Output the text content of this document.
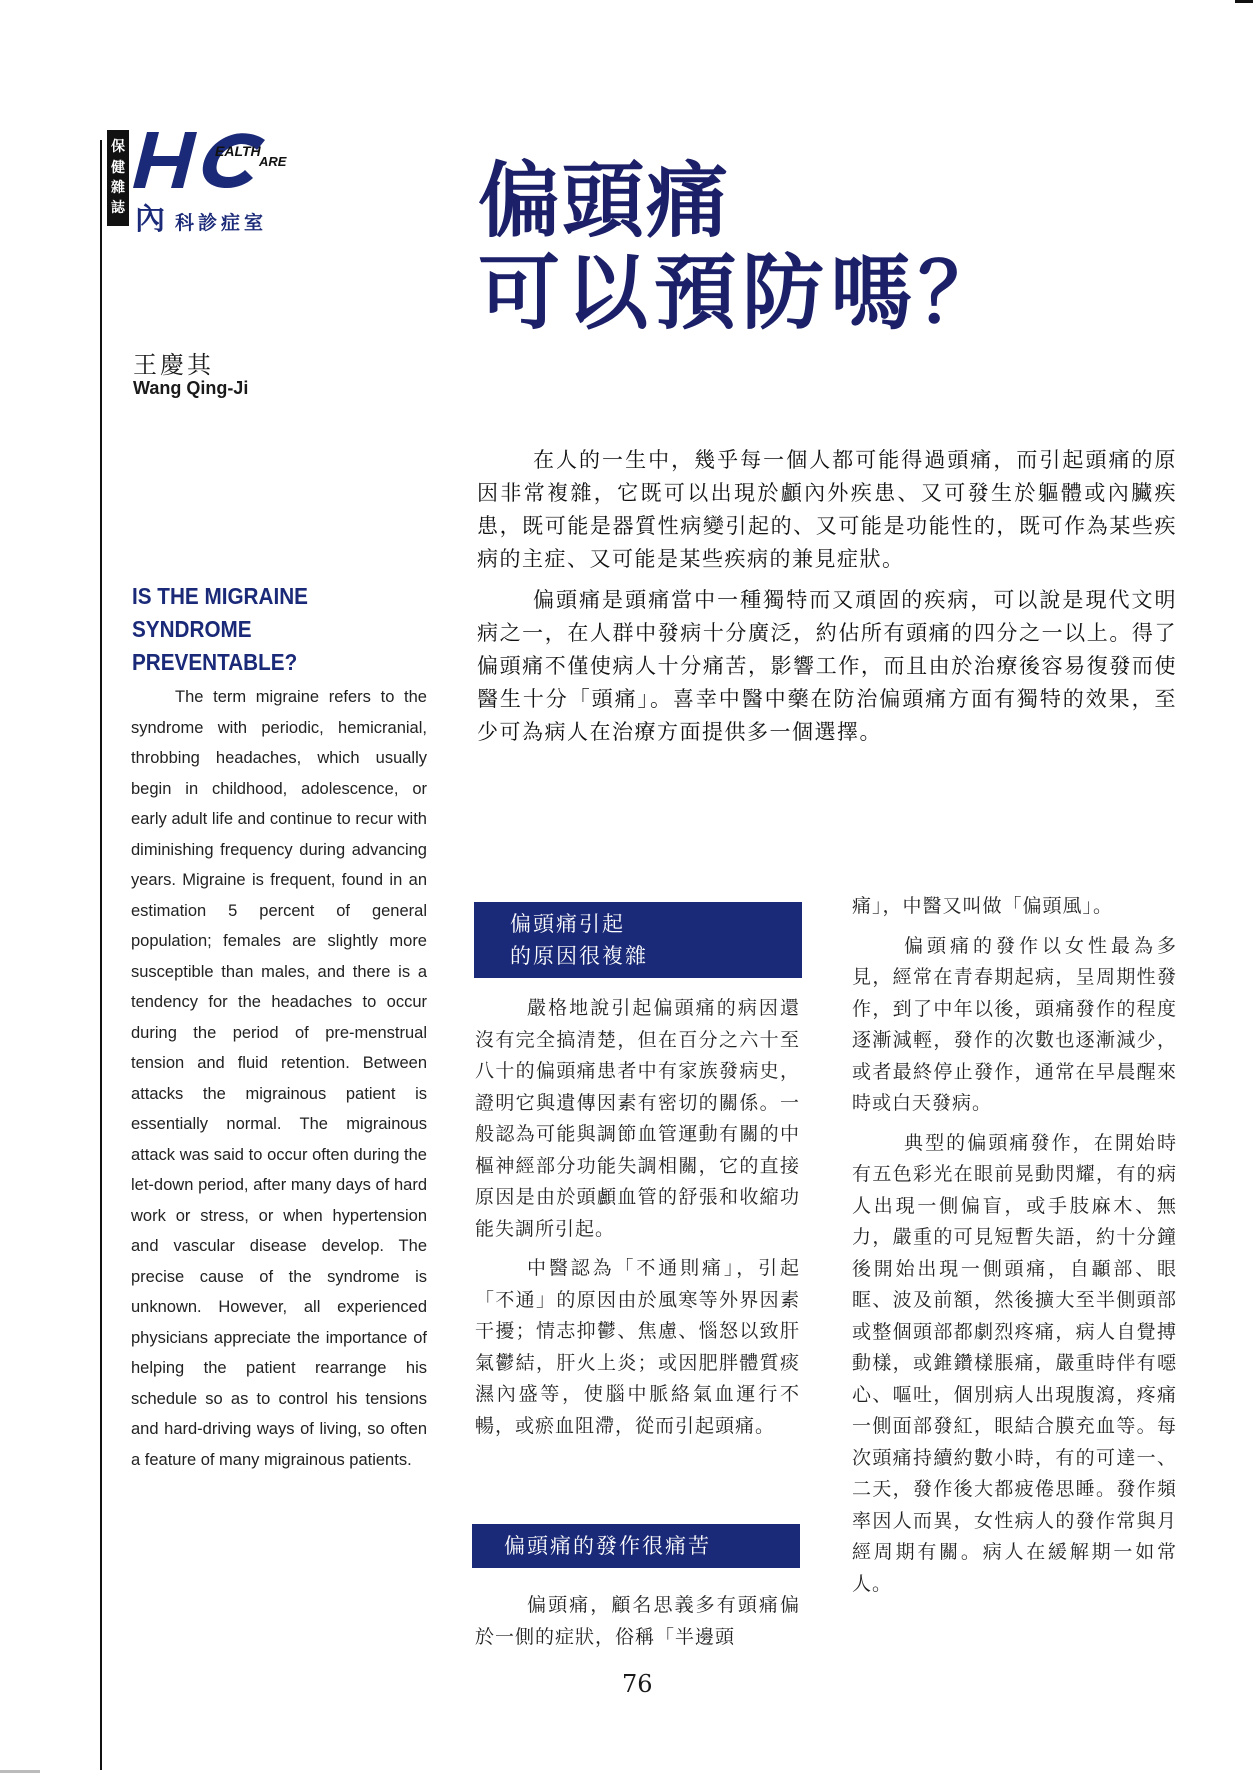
保健雜誌
EALTH
ARE
內 科診症室	偏頭痛
可以預防嗎？
王慶其
Wang Qing-Ji
IS THE MIGRAINE SYNDROME PREVENTABLE?

The term migraine refers to the syndrome with periodic, hemicranial, throbbing headaches, which usually begin in childhood, adolescence, or early adult life and continue to recur with diminishing frequency during advancing years. Migraine is frequent, found in an estimation 5 percent of general population; females are slightly more susceptible than males, and there is a tendency for the headaches to occur during the period of pre-menstrual tension and fluid retention. Between attacks the migrainous patient is essentially normal. The migrainous attack was said to occur often during the let-down period, after many days of hard work or stress, or when hypertension and vascular disease develop. The precise cause of the syndrome is unknown. However, all experienced physicians appreciate the importance of helping the patient rearrange his schedule so as to control his tensions and hard-driving ways of living, so often a feature of many migrainous patients.

在人的一生中，幾乎每一個人都可能得過頭痛，而引起頭痛的原因非常複雜，它既可以出現於顱內外疾患、又可發生於軀體或內臟疾患，既可能是器質性病變引起的、又可能是功能性的，既可作為某些疾病的主症、又可能是某些疾病的兼見症狀。

偏頭痛是頭痛當中一種獨特而又頑固的疾病，可以說是現代文明病之一，在人群中發病十分廣泛，約佔所有頭痛的四分之一以上。得了偏頭痛不僅使病人十分痛苦，影響工作，而且由於治療後容易復發而使醫生十分「頭痛」。喜幸中醫中藥在防治偏頭痛方面有獨特的效果，至少可為病人在治療方面提供多一個選擇。

偏頭痛引起
的原因很複雜

嚴格地說引起偏頭痛的病因還沒有完全搞清楚，但在百分之六十至八十的偏頭痛患者中有家族發病史，證明它與遺傳因素有密切的關係。一般認為可能與調節血管運動有關的中樞神經部分功能失調相關，它的直接原因是由於頭顱血管的舒張和收縮功能失調所引起。

中醫認為「不通則痛」，引起「不通」的原因由於風寒等外界因素干擾；情志抑鬱、焦慮、惱怒以致肝氣鬱結，肝火上炎；或因肥胖體質痰濕內盛等，使腦中脈絡氣血運行不暢，或瘀血阻滯，從而引起頭痛。

偏頭痛的發作很痛苦

偏頭痛，顧名思義多有頭痛偏於一側的症狀，俗稱「半邊頭

痛」，中醫又叫做「偏頭風」。

偏頭痛的發作以女性最為多見，經常在青春期起病，呈周期性發作，到了中年以後，頭痛發作的程度逐漸減輕，發作的次數也逐漸減少，或者最終停止發作，通常在早晨醒來時或白天發病。

典型的偏頭痛發作，在開始時有五色彩光在眼前晃動閃耀，有的病人出現一側偏盲，或手肢麻木、無力，嚴重的可見短暫失語，約十分鐘後開始出現一側頭痛，自顳部、眼眶、波及前額，然後擴大至半側頭部或整個頭部都劇烈疼痛，病人自覺搏動樣，或錐鑽樣脹痛，嚴重時伴有噁心、嘔吐，個別病人出現腹瀉，疼痛一側面部發紅，眼結合膜充血等。每次頭痛持續約數小時，有的可達一、二天，發作後大都疲倦思睡。發作頻率因人而異，女性病人的發作常與月經周期有關。病人在緩解期一如常人。

76
